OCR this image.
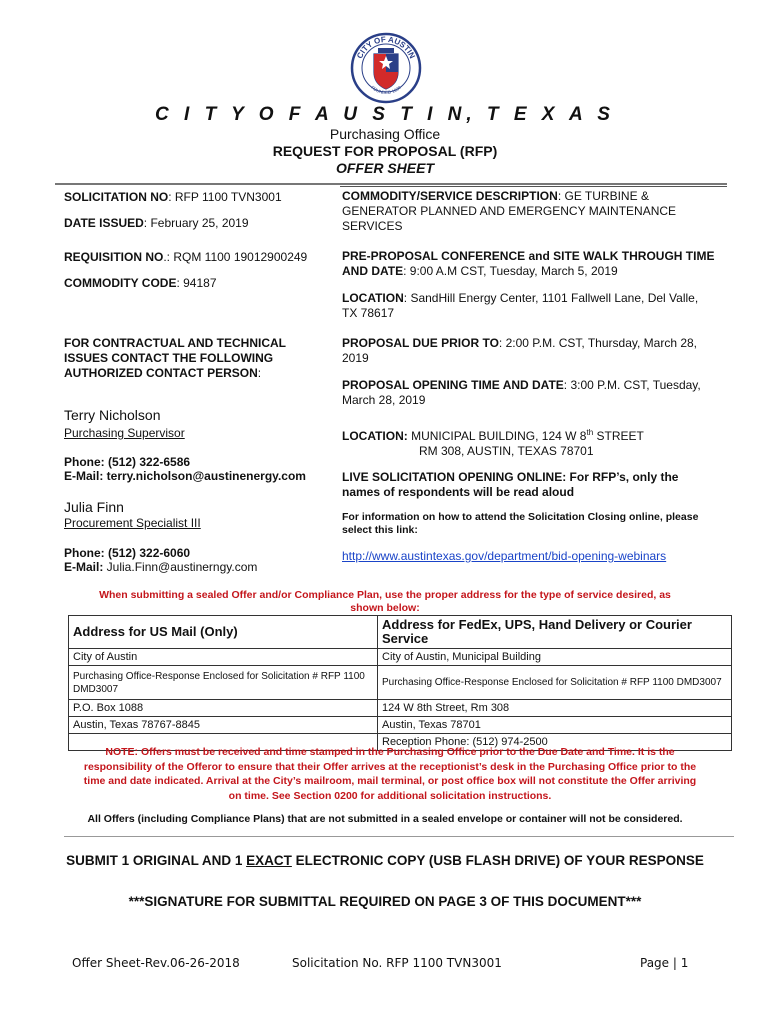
CITY OF AUSTIN
FOUNDED 1839
C I T Y O F A U S T I N, T E X A S
Purchasing Office
REQUEST FOR PROPOSAL (RFP)
OFFER SHEET
SOLICITATION NO: RFP 1100 TVN3001
DATE ISSUED: February 25, 2019
REQUISITION NO.: RQM 1100 19012900249
COMMODITY CODE: 94187
FOR CONTRACTUAL AND TECHNICAL
ISSUES CONTACT THE FOLLOWING
AUTHORIZED CONTACT PERSON:
Terry Nicholson
Purchasing Supervisor
Phone: (512) 322-6586
E-Mail: terry.nicholson@austinenergy.com
Julia Finn
Procurement Specialist III
Phone: (512) 322-6060
E-Mail: Julia.Finn@austinerngy.com
COMMODITY/SERVICE DESCRIPTION: GE TURBINE &
GENERATOR PLANNED AND EMERGENCY MAINTENANCE
SERVICES
PRE-PROPOSAL CONFERENCE and SITE WALK THROUGH TIME
AND DATE: 9:00 A.M CST, Tuesday, March 5, 2019
LOCATION: SandHill Energy Center, 1101 Fallwell Lane, Del Valle,
TX 78617
PROPOSAL DUE PRIOR TO: 2:00 P.M. CST, Thursday, March 28,
2019
PROPOSAL OPENING TIME AND DATE: 3:00 P.M. CST, Tuesday,
March 28, 2019
LOCATION: MUNICIPAL BUILDING, 124 W 8th STREET
RM 308, AUSTIN, TEXAS 78701
LIVE SOLICITATION OPENING ONLINE: For RFP’s, only the
names of respondents will be read aloud
For information on how to attend the Solicitation Closing online, please
select this link:
http://www.austintexas.gov/department/bid-opening-webinars
When submitting a sealed Offer and/or Compliance Plan, use the proper address for the type of service desired, as
shown below:
Address for US Mail (Only)	Address for FedEx, UPS, Hand Delivery or Courier Service
City of Austin	City of Austin, Municipal Building
Purchasing Office-Response Enclosed for Solicitation # RFP 1100 DMD3007	Purchasing Office-Response Enclosed for Solicitation # RFP 1100 DMD3007
P.O. Box 1088	124 W 8th Street, Rm 308
Austin, Texas 78767-8845	Austin, Texas 78701
	Reception Phone: (512) 974-2500
NOTE: Offers must be received and time stamped in the Purchasing Office prior to the Due Date and Time. It is the
responsibility of the Offeror to ensure that their Offer arrives at the receptionist’s desk in the Purchasing Office prior to the
time and date indicated. Arrival at the City’s mailroom, mail terminal, or post office box will not constitute the Offer arriving
on time. See Section 0200 for additional solicitation instructions.
All Offers (including Compliance Plans) that are not submitted in a sealed envelope or container will not be considered.
SUBMIT 1 ORIGINAL AND 1 EXACT ELECTRONIC COPY (USB FLASH DRIVE) OF YOUR RESPONSE
***SIGNATURE FOR SUBMITTAL REQUIRED ON PAGE 3 OF THIS DOCUMENT***
Offer Sheet-Rev.06-26-2018	Solicitation No. RFP 1100 TVN3001	Page | 1
